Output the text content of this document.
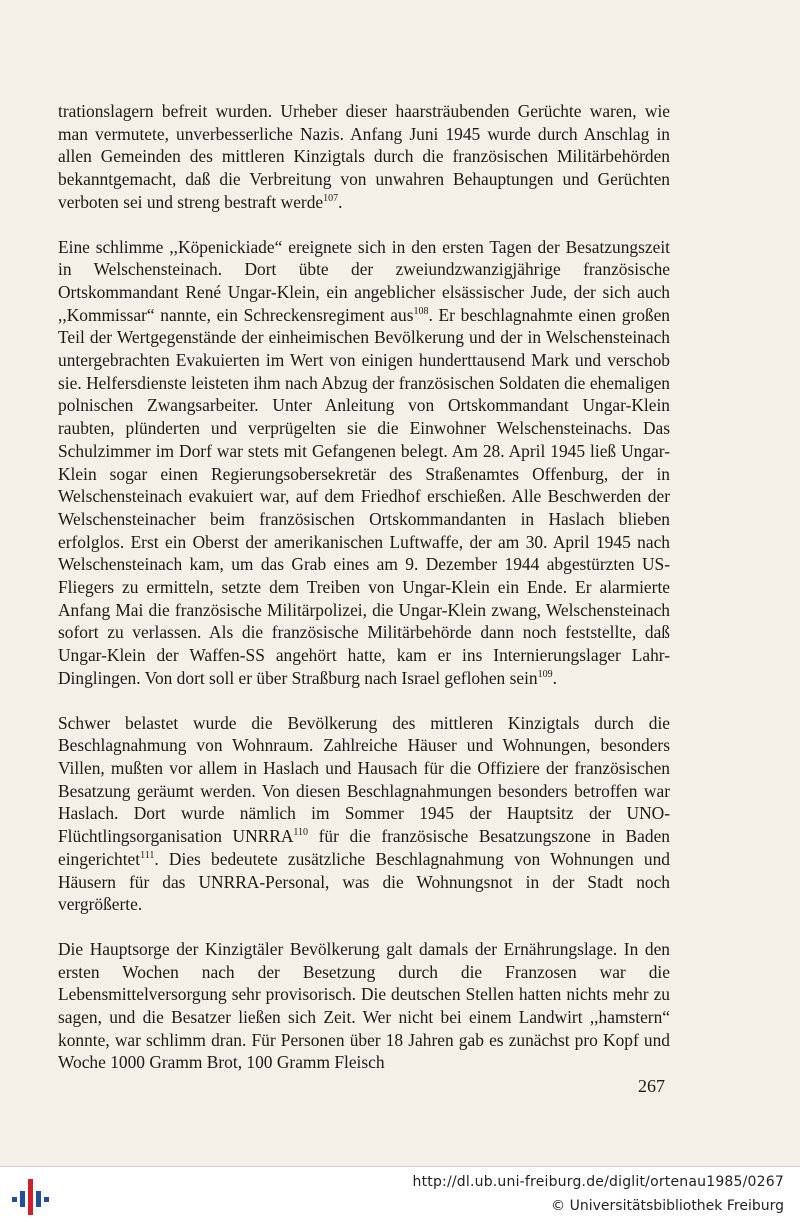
trationslagern befreit wurden. Urheber dieser haarsträubenden Gerüchte waren, wie man vermutete, unverbesserliche Nazis. Anfang Juni 1945 wurde durch Anschlag in allen Gemeinden des mittleren Kinzigtals durch die französischen Militärbehörden bekanntgemacht, daß die Verbreitung von unwahren Behauptungen und Gerüchten verboten sei und streng bestraft werde$^{107}$.

Eine schlimme ,,Köpenickiade“ ereignete sich in den ersten Tagen der Besatzungszeit in Welschensteinach. Dort übte der zweiundzwanzigjährige französische Ortskommandant René Ungar-Klein, ein angeblicher elsässischer Jude, der sich auch ,,Kommissar“ nannte, ein Schreckensregiment aus$^{108}$. Er beschlagnahmte einen großen Teil der Wertgegenstände der einheimischen Bevölkerung und der in Welschensteinach untergebrachten Evakuierten im Wert von einigen hunderttausend Mark und verschob sie. Helfersdienste leisteten ihm nach Abzug der französischen Soldaten die ehemaligen polnischen Zwangsarbeiter. Unter Anleitung von Ortskommandant Ungar-Klein raubten, plünderten und verprügelten sie die Einwohner Welschensteinachs. Das Schulzimmer im Dorf war stets mit Gefangenen belegt. Am 28. April 1945 ließ Ungar-Klein sogar einen Regierungsobersekretär des Straßenamtes Offenburg, der in Welschensteinach evakuiert war, auf dem Friedhof erschießen. Alle Beschwerden der Welschensteinacher beim französischen Ortskommandanten in Haslach blieben erfolglos. Erst ein Oberst der amerikanischen Luftwaffe, der am 30. April 1945 nach Welschensteinach kam, um das Grab eines am 9. Dezember 1944 abgestürzten US-Fliegers zu ermitteln, setzte dem Treiben von Ungar-Klein ein Ende. Er alarmierte Anfang Mai die französische Militärpolizei, die Ungar-Klein zwang, Welschensteinach sofort zu verlassen. Als die französische Militärbehörde dann noch feststellte, daß Ungar-Klein der Waffen-SS angehört hatte, kam er ins Internierungslager Lahr-Dinglingen. Von dort soll er über Straßburg nach Israel geflohen sein$^{109}$.

Schwer belastet wurde die Bevölkerung des mittleren Kinzigtals durch die Beschlagnahmung von Wohnraum. Zahlreiche Häuser und Wohnungen, besonders Villen, mußten vor allem in Haslach und Hausach für die Offiziere der französischen Besatzung geräumt werden. Von diesen Beschlagnahmungen besonders betroffen war Haslach. Dort wurde nämlich im Sommer 1945 der Hauptsitz der UNO-Flüchtlingsorganisation UNRRA$^{110}$ für die französische Besatzungszone in Baden eingerichtet$^{111}$. Dies bedeutete zusätzliche Beschlagnahmung von Wohnungen und Häusern für das UNRRA-Personal, was die Wohnungsnot in der Stadt noch vergrößerte.

Die Hauptsorge der Kinzigtäler Bevölkerung galt damals der Ernährungslage. In den ersten Wochen nach der Besetzung durch die Franzosen war die Lebensmittelversorgung sehr provisorisch. Die deutschen Stellen hatten nichts mehr zu sagen, und die Besatzer ließen sich Zeit. Wer nicht bei einem Landwirt ,,hamstern“ konnte, war schlimm dran. Für Personen über 18 Jahren gab es zunächst pro Kopf und Woche 1000 Gramm Brot, 100 Gramm Fleisch

267
http://dl.ub.uni-freiburg.de/diglit/ortenau1985/0267
© Universitätsbibliothek Freiburg
